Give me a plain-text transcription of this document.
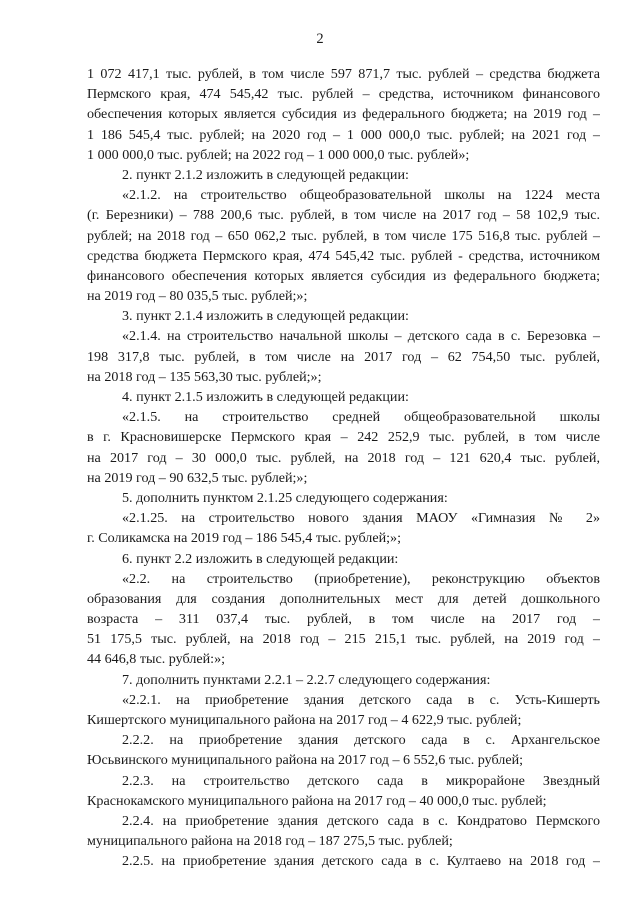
2
1 072 417,1 тыс. рублей, в том числе 597 871,7 тыс. рублей – средства бюджета
Пермского края, 474 545,42 тыс. рублей – средства, источником финансового
обеспечения которых является субсидия из федерального бюджета; на 2019 год –
1 186 545,4 тыс. рублей; на 2020 год – 1 000 000,0 тыс. рублей; на 2021 год –
1 000 000,0 тыс. рублей; на 2022 год – 1 000 000,0 тыс. рублей»;
2. пункт 2.1.2 изложить в следующей редакции:
«2.1.2. на строительство общеобразовательной школы на 1224 места
(г. Березники) – 788 200,6 тыс. рублей, в том числе на 2017 год – 58 102,9 тыс.
рублей; на 2018 год – 650 062,2 тыс. рублей, в том числе 175 516,8 тыс. рублей –
средства бюджета Пермского края, 474 545,42 тыс. рублей - средства, источником
финансового обеспечения которых является субсидия из федерального бюджета;
на 2019 год – 80 035,5 тыс. рублей;»;
3. пункт 2.1.4 изложить в следующей редакции:
«2.1.4. на строительство начальной школы – детского сада в с. Березовка –
198 317,8 тыс. рублей, в том числе на 2017 год – 62 754,50 тыс. рублей,
на 2018 год – 135 563,30 тыс. рублей;»;
4. пункт 2.1.5 изложить в следующей редакции:
«2.1.5. на строительство средней общеобразовательной школы
в г. Красновишерске Пермского края – 242 252,9 тыс. рублей, в том числе
на 2017 год – 30 000,0 тыс. рублей, на 2018 год – 121 620,4 тыс. рублей,
на 2019 год – 90 632,5 тыс. рублей;»;
5. дополнить пунктом 2.1.25 следующего содержания:
«2.1.25. на строительство нового здания МАОУ «Гимназия № 2»
г. Соликамска на 2019 год – 186 545,4 тыс. рублей;»;
6. пункт 2.2 изложить в следующей редакции:
«2.2. на строительство (приобретение), реконструкцию объектов
образования для создания дополнительных мест для детей дошкольного
возраста – 311 037,4 тыс. рублей, в том числе на 2017 год –
51 175,5 тыс. рублей, на 2018 год – 215 215,1 тыс. рублей, на 2019 год –
44 646,8 тыс. рублей:»;
7. дополнить пунктами 2.2.1 – 2.2.7 следующего содержания:
«2.2.1. на приобретение здания детского сада в с. Усть-Кишерть
Кишертского муниципального района на 2017 год – 4 622,9 тыс. рублей;
2.2.2. на приобретение здания детского сада в с. Архангельское
Юсьвинского муниципального района на 2017 год – 6 552,6 тыс. рублей;
2.2.3. на строительство детского сада в микрорайоне Звездный
Краснокамского муниципального района на 2017 год – 40 000,0 тыс. рублей;
2.2.4. на приобретение здания детского сада в с. Кондратово Пермского
муниципального района на 2018 год – 187 275,5 тыс. рублей;
2.2.5. на приобретение здания детского сада в с. Култаево на 2018 год –
